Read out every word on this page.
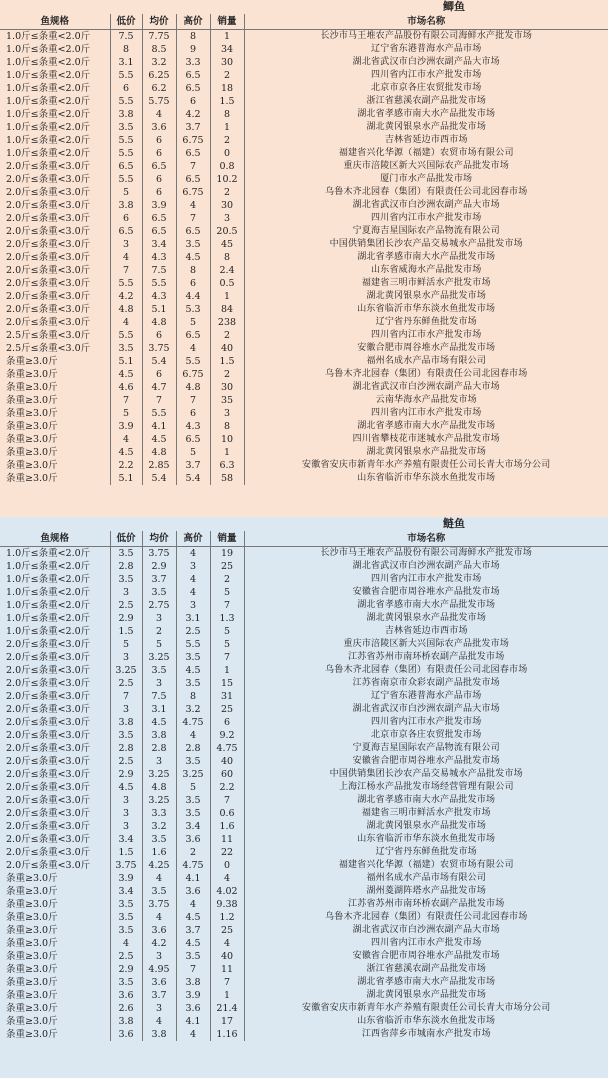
鲫鱼
鱼规格	低价	均价	高价	销量	市场名称
1.0斤≤条重<2.0斤	7.5	7.75	8	1	长沙市马王堆农产品股份有限公司海鲜水产批发市场
1.0斤≤条重<2.0斤	8	8.5	9	34	辽宁省东港普海水产品市场
1.0斤≤条重<2.0斤	3.1	3.2	3.3	30	湖北省武汉市白沙洲农副产品大市场
1.0斤≤条重<2.0斤	5.5	6.25	6.5	2	四川省内江市水产批发市场
1.0斤≤条重<2.0斤	6	6.2	6.5	18	北京市京各庄农贸批发市场
1.0斤≤条重<2.0斤	5.5	5.75	6	1.5	浙江省慈溪农副产品批发市场
1.0斤≤条重<2.0斤	3.8	4	4.2	8	湖北省孝感市南大水产品批发市场
1.0斤≤条重<2.0斤	3.5	3.6	3.7	1	湖北黄冈银泉水产品批发市场
1.0斤≤条重<2.0斤	5.5	6	6.75	2	吉林省延边市西市场
1.0斤≤条重<2.0斤	5.5	6	6.5	0	福建省兴化华源（福建）农贸市场有限公司
2.0斤≤条重<3.0斤	6.5	6.5	7	0.8	重庆市涪陵区新大兴国际农产品批发市场
2.0斤≤条重<3.0斤	5.5	6	6.5	10.2	厦门市水产品批发市场
2.0斤≤条重<3.0斤	5	6	6.75	2	乌鲁木齐北园春（集团）有限责任公司北园春市场
2.0斤≤条重<3.0斤	3.8	3.9	4	30	湖北省武汉市白沙洲农副产品大市场
2.0斤≤条重<3.0斤	6	6.5	7	3	四川省内江市水产批发市场
2.0斤≤条重<3.0斤	6.5	6.5	6.5	20.5	宁夏海吉星国际农产品物流有限公司
2.0斤≤条重<3.0斤	3	3.4	3.5	45	中国供销集团长沙农产品交易城水产品批发市场
2.0斤≤条重<3.0斤	4	4.3	4.5	8	湖北省孝感市南大水产品批发市场
2.0斤≤条重<3.0斤	7	7.5	8	2.4	山东省威海水产品批发市场
2.0斤≤条重<3.0斤	5.5	5.5	6	0.5	福建省三明市鲜活水产批发市场
2.0斤≤条重<3.0斤	4.2	4.3	4.4	1	湖北黄冈银泉水产品批发市场
2.0斤≤条重<3.0斤	4.8	5.1	5.3	84	山东省临沂市华东淡水鱼批发市场
2.0斤≤条重<3.0斤	4	4.8	5	238	辽宁省丹东鲜鱼批发市场
2.5斤≤条重<3.0斤	5.5	6	6.5	2	四川省内江市水产批发市场
2.5斤≤条重<3.0斤	3.5	3.75	4	40	安徽合肥市周谷堆水产品批发市场
条重≥3.0斤	5.1	5.4	5.5	1.5	福州名成水产品市场有限公司
条重≥3.0斤	4.5	6	6.75	2	乌鲁木齐北园春（集团）有限责任公司北园春市场
条重≥3.0斤	4.6	4.7	4.8	30	湖北省武汉市白沙洲农副产品大市场
条重≥3.0斤	7	7	7	35	云南华海水产品批发市场
条重≥3.0斤	5	5.5	6	3	四川省内江市水产批发市场
条重≥3.0斤	3.9	4.1	4.3	8	湖北省孝感市南大水产品批发市场
条重≥3.0斤	4	4.5	6.5	10	四川省攀枝花市迷城水产品批发市场
条重≥3.0斤	4.5	4.8	5	1	湖北黄冈银泉水产品批发市场
条重≥3.0斤	2.2	2.85	3.7	6.3	安徽省安庆市新青年水产养殖有限责任公司长青大市场分公司
条重≥3.0斤	5.1	5.4	5.4	58	山东省临沂市华东淡水鱼批发市场
鲢鱼
鱼规格	低价	均价	高价	销量	市场名称
1.0斤≤条重<2.0斤	3.5	3.75	4	19	长沙市马王堆农产品股份有限公司海鲜水产批发市场
1.0斤≤条重<2.0斤	2.8	2.9	3	25	湖北省武汉市白沙洲农副产品大市场
1.0斤≤条重<2.0斤	3.5	3.7	4	2	四川省内江市水产批发市场
1.0斤≤条重<2.0斤	3	3.5	4	5	安徽省合肥市周谷堆水产品批发市场
1.0斤≤条重<2.0斤	2.5	2.75	3	7	湖北省孝感市南大水产品批发市场
1.0斤≤条重<2.0斤	2.9	3	3.1	1.3	湖北黄冈银泉水产品批发市场
1.0斤≤条重<2.0斤	1.5	2	2.5	5	吉林省延边市西市场
2.0斤≤条重<3.0斤	5	5	5.5	5	重庆市涪陵区新大兴国际农产品批发市场
2.0斤≤条重<3.0斤	3	3.25	3.5	7	江苏省苏州市南环桥农副产品批发市场
2.0斤≤条重<3.0斤	3.25	3.5	4.5	1	乌鲁木齐北园春（集团）有限责任公司北园春市场
2.0斤≤条重<3.0斤	2.5	3	3.5	15	江苏省南京市众彩农副产品批发市场
2.0斤≤条重<3.0斤	7	7.5	8	31	辽宁省东港普海水产品市场
2.0斤≤条重<3.0斤	3	3.1	3.2	25	湖北省武汉市白沙洲农副产品大市场
2.0斤≤条重<3.0斤	3.8	4.5	4.75	6	四川省内江市水产批发市场
2.0斤≤条重<3.0斤	3.5	3.8	4	9.2	北京市京各庄农贸批发市场
2.0斤≤条重<3.0斤	2.8	2.8	2.8	4.75	宁夏海吉星国际农产品物流有限公司
2.0斤≤条重<3.0斤	2.5	3	3.5	40	安徽省合肥市周谷堆水产品批发市场
2.0斤≤条重<3.0斤	2.9	3.25	3.25	60	中国供销集团长沙农产品交易城水产品批发市场
2.0斤≤条重<3.0斤	4.5	4.8	5	2.2	上海江杨水产品批发市场经营管理有限公司
2.0斤≤条重<3.0斤	3	3.25	3.5	7	湖北省孝感市南大水产品批发市场
2.0斤≤条重<3.0斤	3	3.3	3.5	0.6	福建省三明市鲜活水产批发市场
2.0斤≤条重<3.0斤	3	3.2	3.4	1.6	湖北黄冈银泉水产品批发市场
2.0斤≤条重<3.0斤	3.4	3.5	3.6	11	山东省临沂市华东淡水鱼批发市场
2.0斤≤条重<3.0斤	1.5	1.6	2	22	辽宁省丹东鲜鱼批发市场
2.0斤≤条重<3.0斤	3.75	4.25	4.75	0	福建省兴化华源（福建）农贸市场有限公司
条重≥3.0斤	3.9	4	4.1	4	福州名成水产品市场有限公司
条重≥3.0斤	3.4	3.5	3.6	4.02	湖州菱湖阵塔水产品批发市场
条重≥3.0斤	3.5	3.75	4	9.38	江苏省苏州市南环桥农副产品批发市场
条重≥3.0斤	3.5	4	4.5	1.2	乌鲁木齐北园春（集团）有限责任公司北园春市场
条重≥3.0斤	3.5	3.6	3.7	25	湖北省武汉市白沙洲农副产品大市场
条重≥3.0斤	4	4.2	4.5	4	四川省内江市水产批发市场
条重≥3.0斤	2.5	3	3.5	40	安徽省合肥市周谷堆水产品批发市场
条重≥3.0斤	2.9	4.95	7	11	浙江省慈溪农副产品批发市场
条重≥3.0斤	3.5	3.6	3.8	7	湖北省孝感市南大水产品批发市场
条重≥3.0斤	3.6	3.7	3.9	1	湖北黄冈银泉水产品批发市场
条重≥3.0斤	2.6	3	3.6	21.4	安徽省安庆市新青年水产养殖有限责任公司长青大市场分公司
条重≥3.0斤	3.8	4	4.1	17	山东省临沂市华东淡水鱼批发市场
条重≥3.0斤	3.6	3.8	4	1.16	江西省萍乡市城南水产批发市场
